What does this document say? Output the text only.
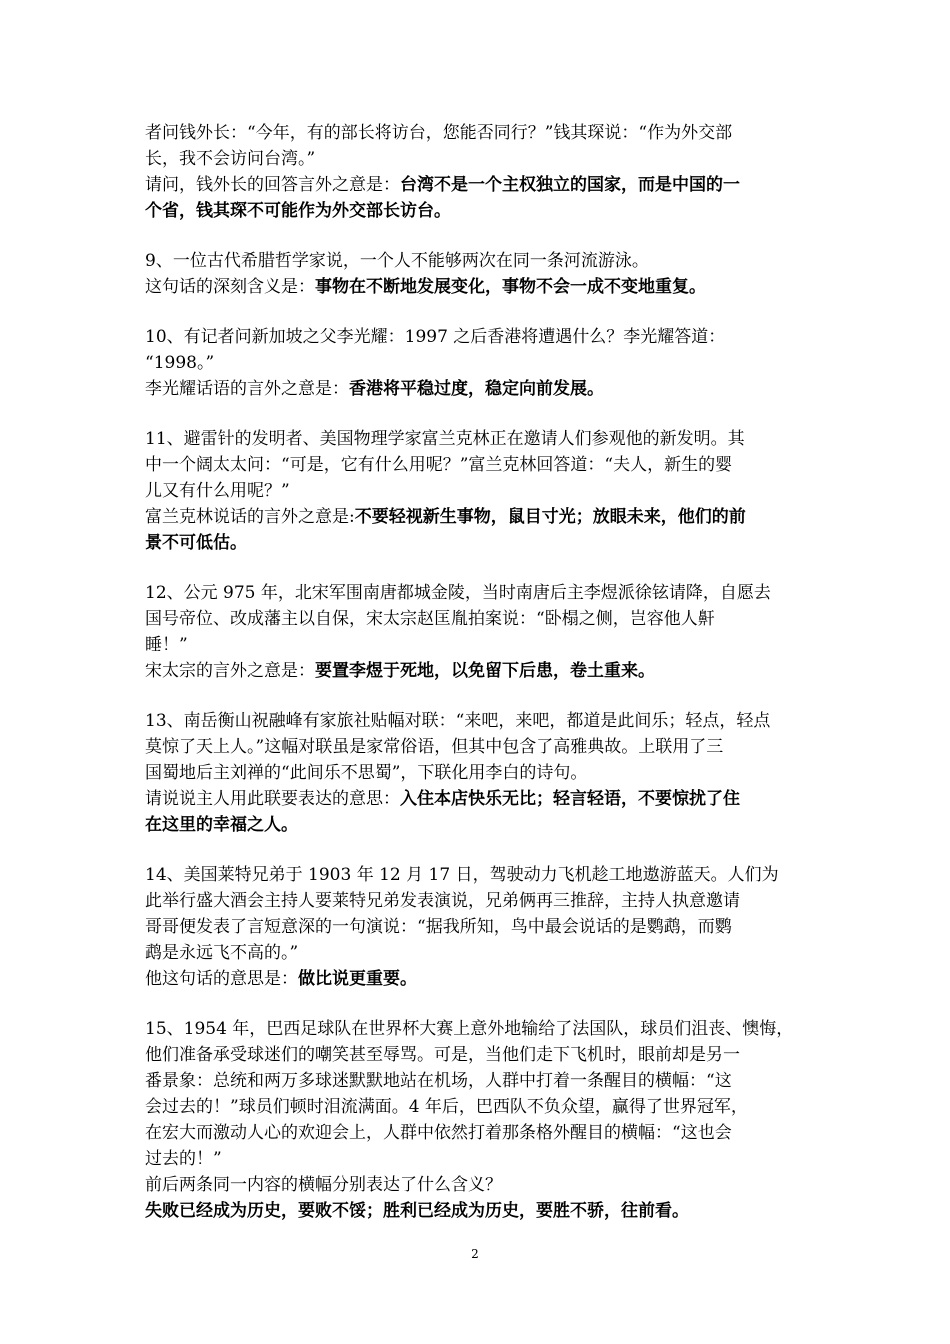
者问钱外长：“今年，有的部长将访台，您能否同行？”钱其琛说：“作为外交部
长，我不会访问台湾。”
请问，钱外长的回答言外之意是：台湾不是一个主权独立的国家，而是中国的一
个省，钱其琛不可能作为外交部长访台。
9、一位古代希腊哲学家说，一个人不能够两次在同一条河流游泳。
这句话的深刻含义是：事物在不断地发展变化，事物不会一成不变地重复。
10、有记者问新加坡之父李光耀：1997 之后香港将遭遇什么？李光耀答道：
“1998。”
李光耀话语的言外之意是：香港将平稳过度，稳定向前发展。
11、避雷针的发明者、美国物理学家富兰克林正在邀请人们参观他的新发明。其
中一个阔太太问：“可是，它有什么用呢？”富兰克林回答道：“夫人，新生的婴
儿又有什么用呢？”
富兰克林说话的言外之意是:不要轻视新生事物，鼠目寸光；放眼未来，他们的前
景不可低估。
12、公元 975 年，北宋军围南唐都城金陵，当时南唐后主李煜派徐铉请降，自愿去
国号帝位、改成藩主以自保，宋太宗赵匡胤拍案说：“卧榻之侧，岂容他人鼾
睡！”
宋太宗的言外之意是：要置李煜于死地，以免留下后患，卷土重来。
13、南岳衡山祝融峰有家旅社贴幅对联：“来吧，来吧，都道是此间乐；轻点，轻点
莫惊了天上人。”这幅对联虽是家常俗语，但其中包含了高雅典故。上联用了三
国蜀地后主刘禅的“此间乐不思蜀”，下联化用李白的诗句。
请说说主人用此联要表达的意思：入住本店快乐无比；轻言轻语，不要惊扰了住
在这里的幸福之人。
14、美国莱特兄弟于 1903 年 12 月 17 日，驾驶动力飞机趁工地遨游蓝天。人们为
此举行盛大酒会主持人要莱特兄弟发表演说，兄弟俩再三推辞，主持人执意邀请
哥哥便发表了言短意深的一句演说：“据我所知，鸟中最会说话的是鹦鹉，而鹦
鹉是永远飞不高的。”
他这句话的意思是：做比说更重要。
15、1954 年，巴西足球队在世界杯大赛上意外地输给了法国队，球员们沮丧、懊悔，
他们准备承受球迷们的嘲笑甚至辱骂。可是，当他们走下飞机时，眼前却是另一
番景象：总统和两万多球迷默默地站在机场，人群中打着一条醒目的横幅：“这
会过去的！”球员们顿时泪流满面。4 年后，巴西队不负众望，赢得了世界冠军，
在宏大而激动人心的欢迎会上，人群中依然打着那条格外醒目的横幅：“这也会
过去的！”
前后两条同一内容的横幅分别表达了什么含义？
失败已经成为历史，要败不馁；胜利已经成为历史，要胜不骄，往前看。
2
